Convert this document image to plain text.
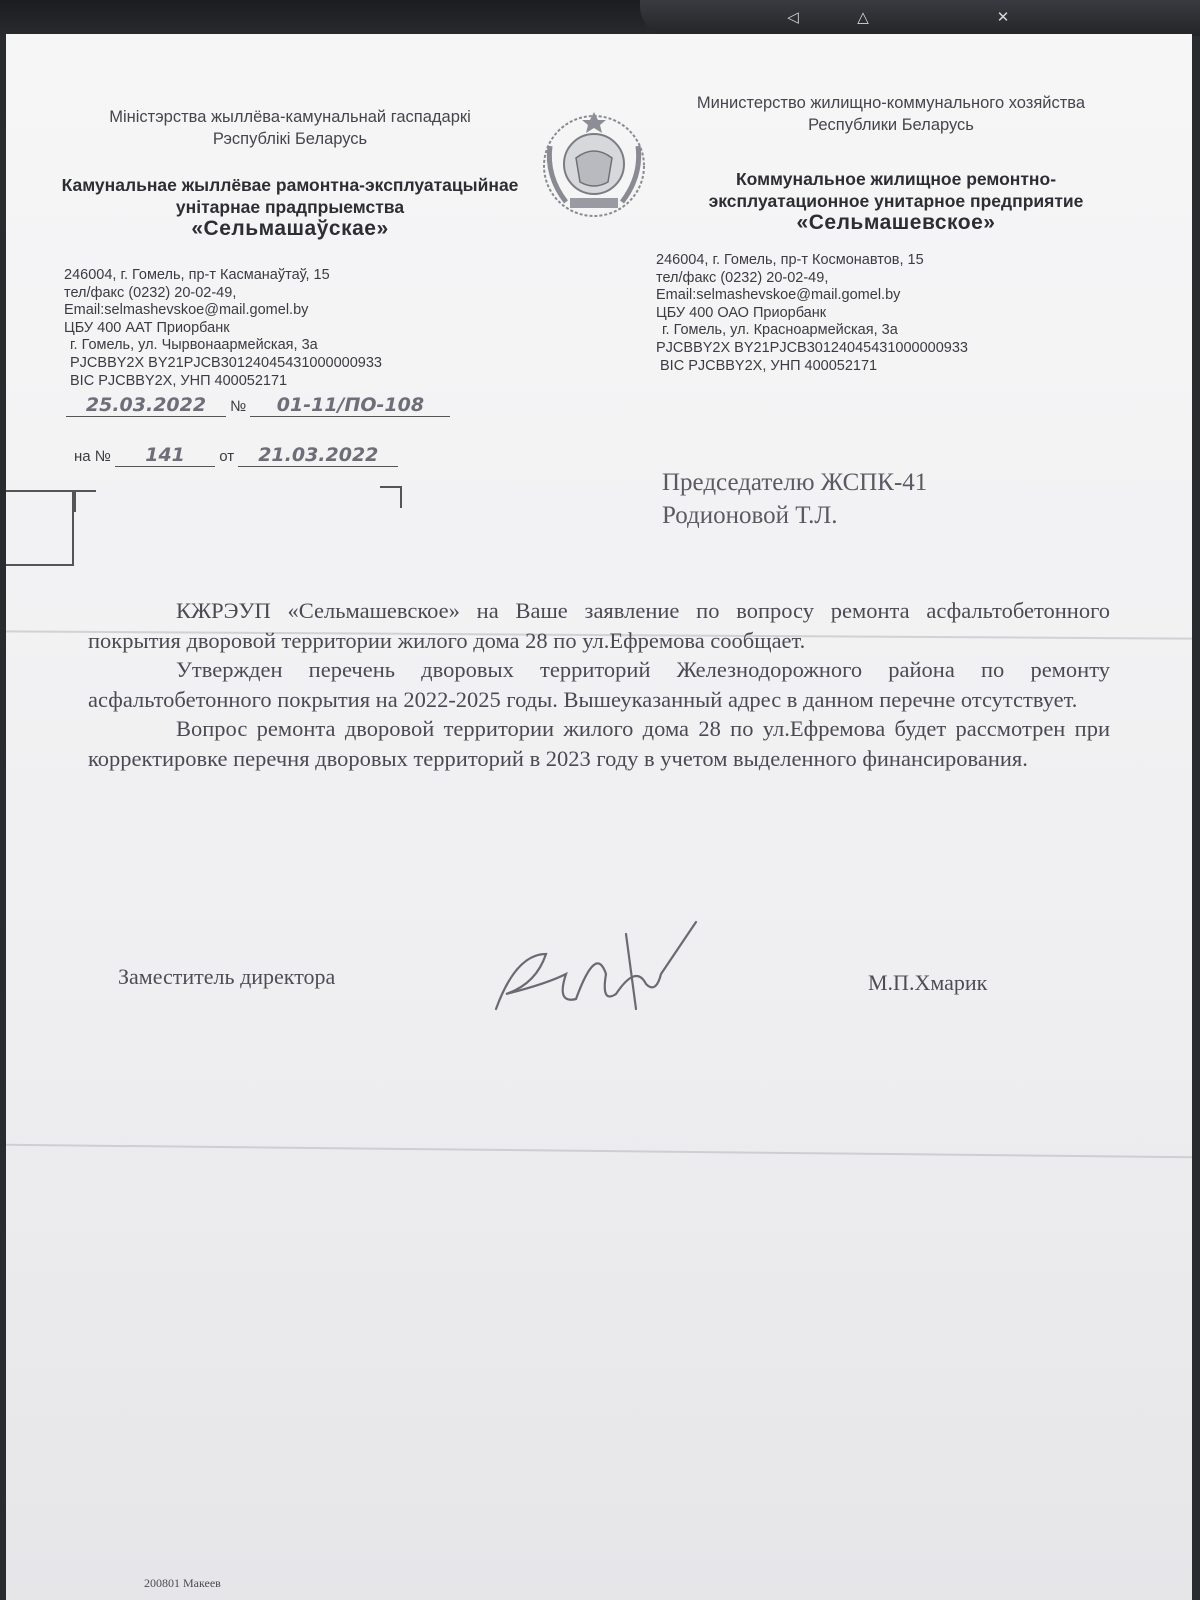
◁	△	✕
Міністэрства жыллёва-камунальнай гаспадаркі Рэспублікі Беларусь
Камунальнае жыллёвае рамонтна-эксплуатацыйнае унітарнае прадпрыемства
«Сельмашаўскае»
246004, г. Гомель, пр-т Касманаўтаў, 15
тел/факс (0232) 20-02-49,
Email:selmashevskoe@mail.gomel.by
ЦБУ 400 ААТ Приорбанк
г. Гомель, ул. Чырвонаармейская, 3а
PJCBBY2X BY21PJCB30124045431000000933
BIC PJCBBY2X, УНП 400052171
Министерство жилищно-коммунального хозяйства Республики Беларусь
Коммунальное жилищное ремонтно-эксплуатационное унитарное предприятие
«Сельмашевское»
246004, г. Гомель, пр-т Космонавтов, 15
тел/факс (0232) 20-02-49,
Email:selmashevskoe@mail.gomel.by
ЦБУ 400 ОАО Приорбанк
г. Гомель, ул. Красноармейская, 3а
PJCBBY2X BY21PJCB30124045431000000933
BIC PJCBBY2X, УНП 400052171
25.03.2022 № 01-11/ПО-108
на № 141 от 21.03.2022
Председателю ЖСПК-41
Родионовой Т.Л.

КЖРЭУП «Сельмашевское» на Ваше заявление по вопросу ремонта асфальтобетонного покрытия дворовой территории жилого дома 28 по ул.Ефремова сообщает.

Утвержден перечень дворовых территорий Железнодорожного района по ремонту асфальтобетонного покрытия на 2022-2025 годы. Вышеуказанный адрес в данном перечне отсутствует.

Вопрос ремонта дворовой территории жилого дома 28 по ул.Ефремова будет рассмотрен при корректировке перечня дворовых территорий в 2023 году в учетом выделенного финансирования.

Заместитель директора	М.П.Хмарик
200801 Макеев
